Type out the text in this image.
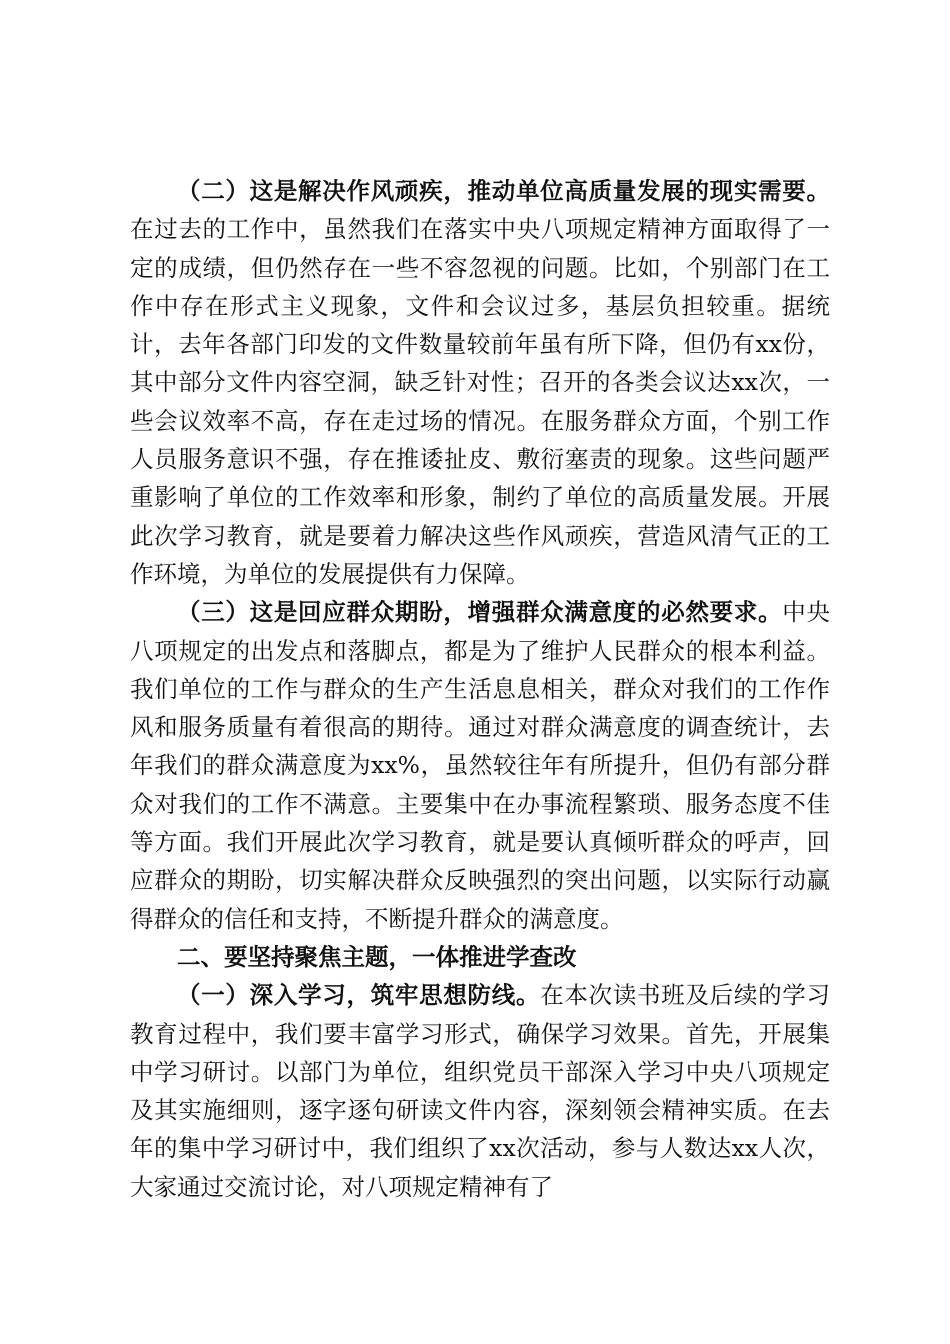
（二）这是解决作风顽疾，推动单位高质量发展的现实需要。在过去的工作中，虽然我们在落实中央八项规定精神方面取得了一定的成绩，但仍然存在一些不容忽视的问题。比如，个别部门在工作中存在形式主义现象，文件和会议过多，基层负担较重。据统计，去年各部门印发的文件数量较前年虽有所下降，但仍有xx份，其中部分文件内容空洞，缺乏针对性；召开的各类会议达xx次，一些会议效率不高，存在走过场的情况。在服务群众方面，个别工作人员服务意识不强，存在推诿扯皮、敷衍塞责的现象。这些问题严重影响了单位的工作效率和形象，制约了单位的高质量发展。开展此次学习教育，就是要着力解决这些作风顽疾，营造风清气正的工作环境，为单位的发展提供有力保障。

（三）这是回应群众期盼，增强群众满意度的必然要求。中央八项规定的出发点和落脚点，都是为了维护人民群众的根本利益。我们单位的工作与群众的生产生活息息相关，群众对我们的工作作风和服务质量有着很高的期待。通过对群众满意度的调查统计，去年我们的群众满意度为xx%，虽然较往年有所提升，但仍有部分群众对我们的工作不满意。主要集中在办事流程繁琐、服务态度不佳等方面。我们开展此次学习教育，就是要认真倾听群众的呼声，回应群众的期盼，切实解决群众反映强烈的突出问题，以实际行动赢得群众的信任和支持，不断提升群众的满意度。

二、要坚持聚焦主题，一体推进学查改

（一）深入学习，筑牢思想防线。在本次读书班及后续的学习教育过程中，我们要丰富学习形式，确保学习效果。首先，开展集中学习研讨。以部门为单位，组织党员干部深入学习中央八项规定及其实施细则，逐字逐句研读文件内容，深刻领会精神实质。在去年的集中学习研讨中，我们组织了xx次活动，参与人数达xx人次，大家通过交流讨论，对八项规定精神有了
